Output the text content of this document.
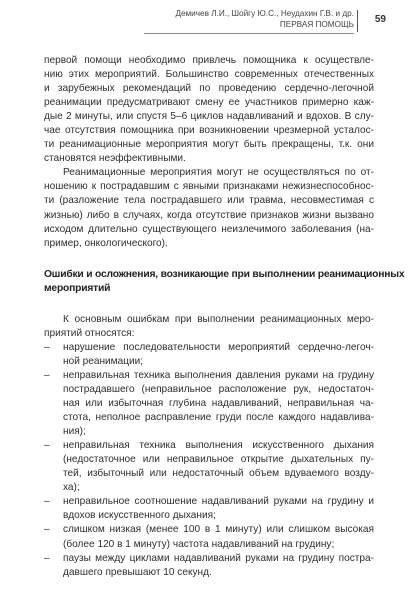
Демичев Л.И., Шойгу Ю.С., Неудахин Г.В. и др.
ПЕРВАЯ ПОМОЩЬ 59
первой помощи необходимо привлечь помощника к осуществле-
нию этих мероприятий. Большинство современных отечественных
и зарубежных рекомендаций по проведению сердечно-легочной
реанимации предусматривают смену ее участников примерно каж-
дые 2 минуты, или спустя 5–6 циклов надавливаний и вдохов. В слу-
чае отсутствия помощника при возникновении чрезмерной усталос-
ти реанимационные мероприятия могут быть прекращены, т.к. они
становятся неэффективными.
Реанимационные мероприятия могут не осуществляться по от-
ношению к пострадавшим с явными признаками нежизнеспособнос-
ти (разложение тела пострадавшего или травма, несовместимая с
жизнью) либо в случаях, когда отсутствие признаков жизни вызвано
исходом длительно существующего неизлечимого заболевания (на-
пример, онкологического).
Ошибки и осложнения, возникающие при выполнении реанимационных
мероприятий
К основным ошибкам при выполнении реанимационных меро-
приятий относятся:
– нарушение последовательности мероприятий сердечно-легоч-
ной реанимации;
– неправильная техника выполнения давления руками на грудину
пострадавшего (неправильное расположение рук, недостаточ-
ная или избыточная глубина надавливаний, неправильная ча-
стота, неполное расправление груди после каждого надавлива-
ния);
– неправильная техника выполнения искусственного дыхания
(недостаточное или неправильное открытие дыхательных пу-
тей, избыточный или недостаточный объем вдуваемого возду-
ха);
– неправильное соотношение надавливаний руками на грудину и
вдохов искусственного дыхания;
– слишком низкая (менее 100 в 1 минуту) или слишком высокая
(более 120 в 1 минуту) частота надавливаний на грудину;
– паузы между циклами надавливаний руками на грудину постра-
давшего превышают 10 секунд.
